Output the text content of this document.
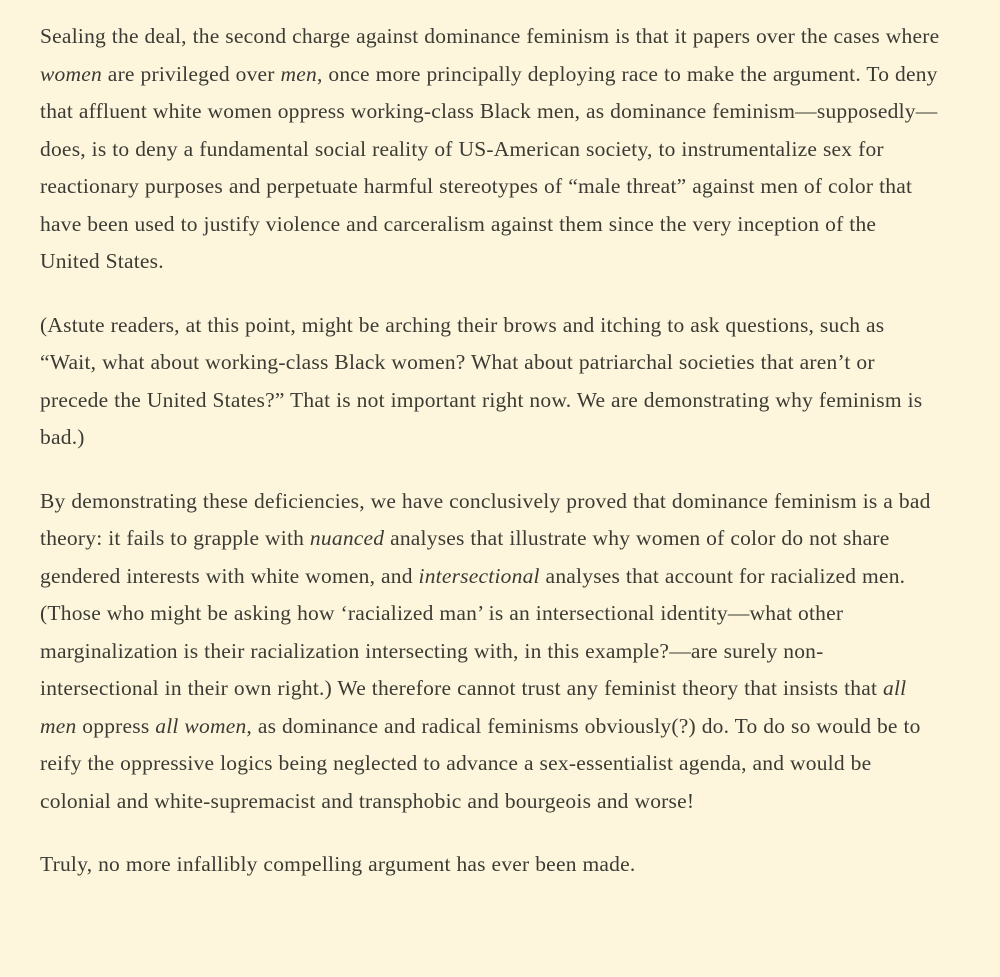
Sealing the deal, the second charge against dominance feminism is that it papers over the cases where women are privileged over men, once more principally deploying race to make the argument. To deny that affluent white women oppress working-class Black men, as dominance feminism—supposedly—does, is to deny a fundamental social reality of US-American society, to instrumentalize sex for reactionary purposes and perpetuate harmful stereotypes of “male threat” against men of color that have been used to justify violence and carceralism against them since the very inception of the United States.

(Astute readers, at this point, might be arching their brows and itching to ask questions, such as “Wait, what about working-class Black women? What about patriarchal societies that aren’t or precede the United States?” That is not important right now. We are demonstrating why feminism is bad.)

By demonstrating these deficiencies, we have conclusively proved that dominance feminism is a bad theory: it fails to grapple with nuanced analyses that illustrate why women of color do not share gendered interests with white women, and intersectional analyses that account for racialized men. (Those who might be asking how ‘racialized man’ is an intersectional identity—what other marginalization is their racialization intersecting with, in this example?—are surely non-intersectional in their own right.) We therefore cannot trust any feminist theory that insists that all men oppress all women, as dominance and radical feminisms obviously(?) do. To do so would be to reify the oppressive logics being neglected to advance a sex-essentialist agenda, and would be colonial and white-supremacist and transphobic and bourgeois and worse!

Truly, no more infallibly compelling argument has ever been made.
